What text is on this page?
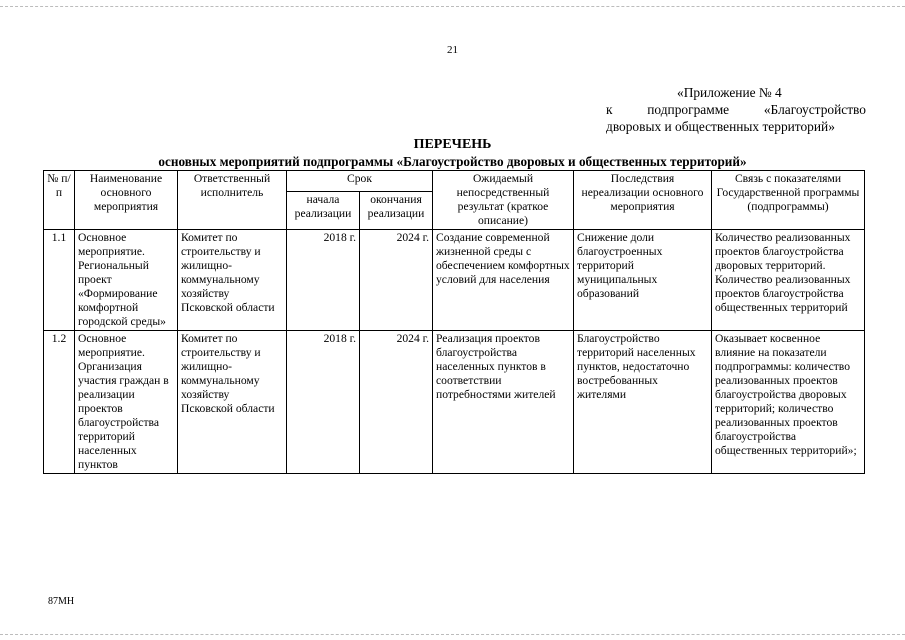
21
«Приложение № 4
к	подпрограмме	«Благоустройство
дворовых и общественных территорий»
ПЕРЕЧЕНЬ
основных мероприятий подпрограммы «Благоустройство дворовых и общественных территорий»
№ п/п	Наименование основного мероприятия	Ответственный исполнитель	Срок		Ожидаемый непосредственный результат (краткое описание)	Последствия нереализации основного мероприятия	Связь с показателями Государственной программы (подпрограммы)
			начала реализации	окончания реализации			
1.1	Основное мероприятие. Региональный проект «Формирование комфортной городской среды»	Комитет по строительству и жилищно-коммунальному хозяйству Псковской области	2018 г.	2024 г.	Создание современной жизненной среды с обеспечением комфортных условий для населения	Снижение доли благоустроенных территорий муниципальных образований	Количество реализованных проектов благоустройства дворовых территорий. Количество реализованных проектов благоустройства общественных территорий
1.2	Основное мероприятие. Организация участия граждан в реализации проектов благоустройства территорий населенных пунктов	Комитет по строительству и жилищно-коммунальному хозяйству Псковской области	2018 г.	2024 г.	Реализация проектов благоустройства населенных пунктов в соответствии потребностями жителей	Благоустройство территорий населенных пунктов, недостаточно востребованных жителями	Оказывает косвенное влияние на показатели подпрограммы: количество реализованных проектов благоустройства дворовых территорий; количество реализованных проектов благоустройства общественных территорий»;
87МН
